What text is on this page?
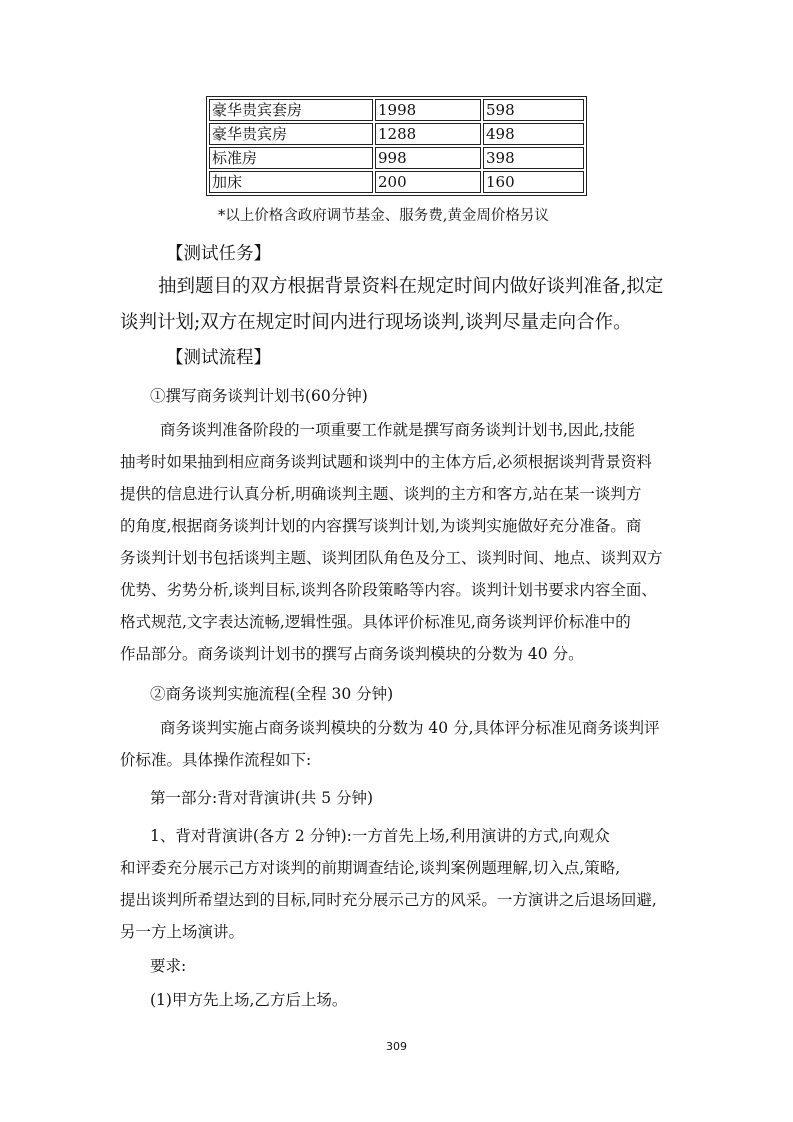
豪华贵宾套房	1998	598
豪华贵宾房	1288	498
标准房	998	398
加床	200	160
*以上价格含政府调节基金、服务费,黄金周价格另议
【测试任务】
抽到题目的双方根据背景资料在规定时间内做好谈判准备,拟定
谈判计划;双方在规定时间内进行现场谈判,谈判尽量走向合作。
【测试流程】
①撰写商务谈判计划书(60分钟)
商务谈判准备阶段的一项重要工作就是撰写商务谈判计划书,因此,技能
抽考时如果抽到相应商务谈判试题和谈判中的主体方后,必须根据谈判背景资料
提供的信息进行认真分析,明确谈判主题、谈判的主方和客方,站在某一谈判方
的角度,根据商务谈判计划的内容撰写谈判计划,为谈判实施做好充分准备。商
务谈判计划书包括谈判主题、谈判团队角色及分工、谈判时间、地点、谈判双方
优势、劣势分析,谈判目标,谈判各阶段策略等内容。谈判计划书要求内容全面、
格式规范,文字表达流畅,逻辑性强。具体评价标准见,商务谈判评价标准中的
作品部分。商务谈判计划书的撰写占商务谈判模块的分数为 40 分。
②商务谈判实施流程(全程 30 分钟)
商务谈判实施占商务谈判模块的分数为 40 分,具体评分标准见商务谈判评
价标准。具体操作流程如下:
第一部分:背对背演讲(共 5 分钟)
1、背对背演讲(各方 2 分钟):一方首先上场,利用演讲的方式,向观众
和评委充分展示己方对谈判的前期调查结论,谈判案例题理解,切入点,策略,
提出谈判所希望达到的目标,同时充分展示己方的风采。一方演讲之后退场回避,
另一方上场演讲。
要求:
(1)甲方先上场,乙方后上场。
309
